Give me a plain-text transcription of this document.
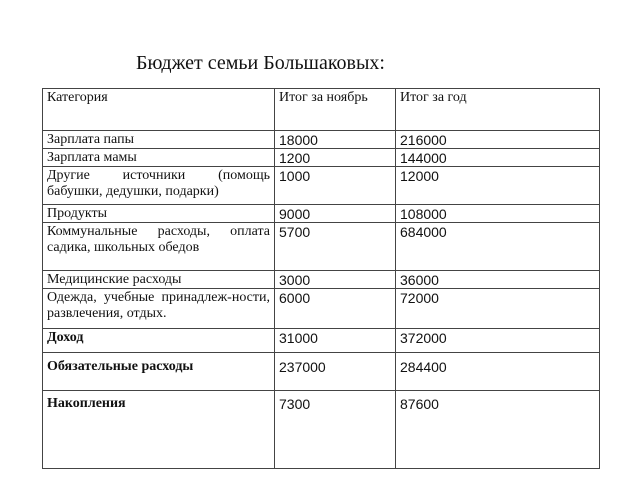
Бюджет семьи Большаковых:
Категория	Итог за ноябрь	Итог за год
Зарплата папы	18000	216000
Зарплата мамы	1200	144000
Другие источники (помощь бабушки, дедушки, подарки)	1000	12000
Продукты	9000	108000
Коммунальные расходы, оплата садика, школьных обедов	5700	684000
Медицинские расходы	3000	36000
Одежда, учебные принадлеж-ности, развлечения, отдых.	6000	72000
Доход	31000	372000
Обязательные расходы	237000	284400
Накопления	7300	87600
